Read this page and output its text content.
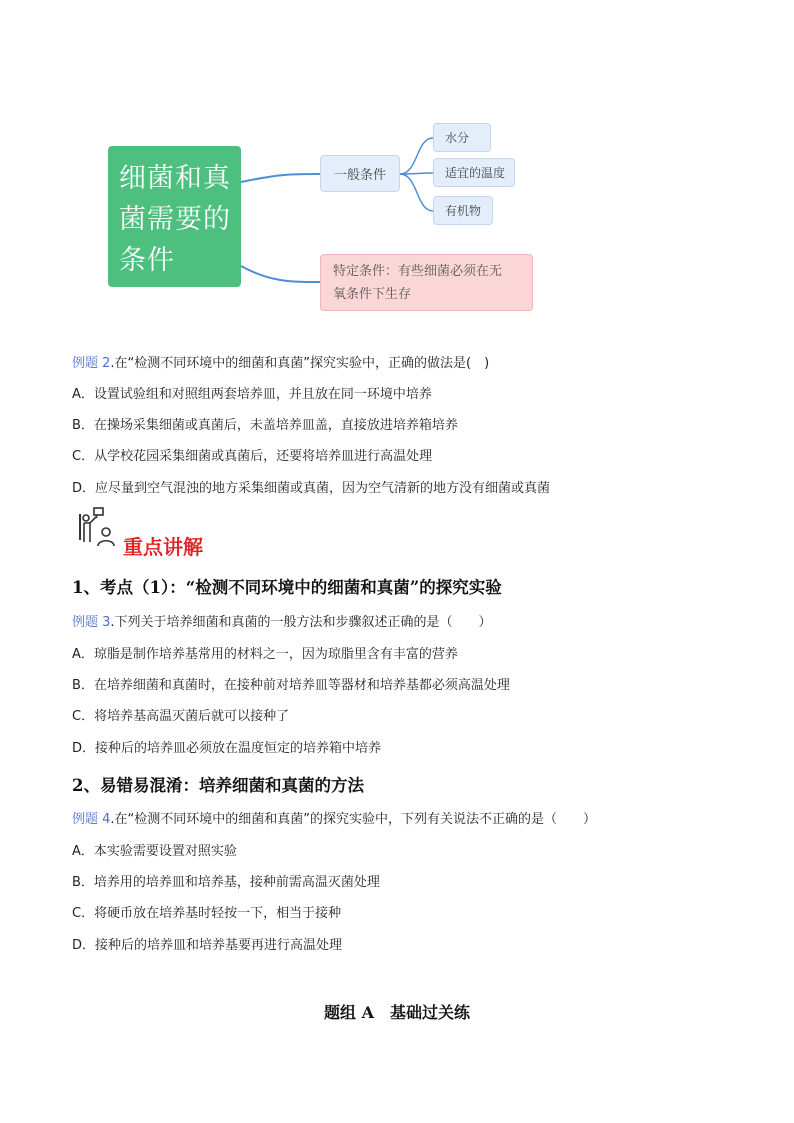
细菌和真
菌需要的
条件
一般条件
水分
适宜的温度
有机物
特定条件：有些细菌必须在无
氧条件下生存
例题 2.在“检测不同环境中的细菌和真菌”探究实验中，正确的做法是(　)
A．设置试验组和对照组两套培养皿，并且放在同一环境中培养
B．在操场采集细菌或真菌后，未盖培养皿盖，直接放进培养箱培养
C．从学校花园采集细菌或真菌后，还要将培养皿进行高温处理
D．应尽量到空气混浊的地方采集细菌或真菌，因为空气清新的地方没有细菌或真菌
重点讲解
1、考点（1）：“检测不同环境中的细菌和真菌”的探究实验
例题 3.下列关于培养细菌和真菌的一般方法和步骤叙述正确的是（　　）
A．琼脂是制作培养基常用的材料之一，因为琼脂里含有丰富的营养
B．在培养细菌和真菌时，在接种前对培养皿等器材和培养基都必须高温处理
C．将培养基高温灭菌后就可以接种了
D．接种后的培养皿必须放在温度恒定的培养箱中培养
2、易错易混淆：培养细菌和真菌的方法
例题 4.在“检测不同环境中的细菌和真菌”的探究实验中，下列有关说法不正确的是（　　）
A．本实验需要设置对照实验
B．培养用的培养皿和培养基，接种前需高温灭菌处理
C．将硬币放在培养基时轻按一下，相当于接种
D．接种后的培养皿和培养基要再进行高温处理
题组 A　基础过关练
